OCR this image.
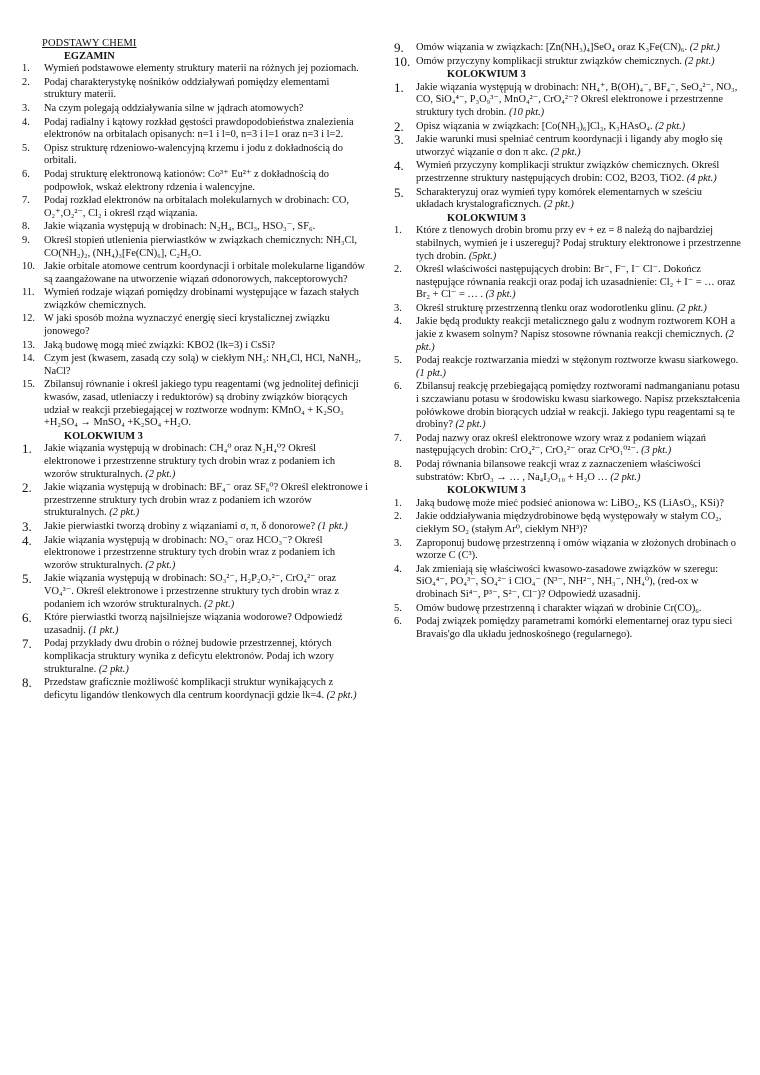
PODSTAWY CHEMI
EGZAMIN
1.	Wymień podstawowe elementy struktury materii na różnych jej poziomach.
2.	Podaj charakterystykę nośników oddziaływań pomiędzy elementami struktury materii.
3.	Na czym polegają oddziaływania silne w jądrach atomowych?
4.	Podaj radialny i kątowy rozkład gęstości prawdopodobieństwa znalezienia elektronów na orbitalach opisanych: n=1 i l=0, n=3 i l=1 oraz n=3 i l=2.
5.	Opisz strukturę rdzeniowo-walencyjną krzemu i jodu z dokładnością do orbitali.
6.	Podaj strukturę elektronową kationów: Co³⁺ Eu²⁺ z dokładnością do podpowłok, wskaż elektrony rdzenia i walencyjne.
7.	Podaj rozkład elektronów na orbitalach molekularnych w drobinach: CO, O₂⁺,O₂²⁻, Cl₂ i określ rząd wiązania.
8.	Jakie wiązania występują w drobinach: N₂H₄, BCl₃, HSO₃⁻, SF₆.
9.	Określ stopień utlenienia pierwiastków w związkach chemicznych: NH₃Cl, CO(NH₂)₂, (NH₄)₃[Fe(CN)₆], C₂H₅O.
10. Jakie orbitale atomowe centrum koordynacji i orbitale molekularne ligandów są zaangażowane na utworzenie wiązań σdonorowych, πakceptorowych?
11. Wymień rodzaje wiązań pomiędzy drobinami występujące w fazach stałych związków chemicznych.
12. W jaki sposób można wyznaczyć energię sieci krystalicznej związku jonowego?
13. Jaką budowę mogą mieć związki: KBO2 (lk=3) i CsSi?
14. Czym jest (kwasem, zasadą czy solą) w ciekłym NH₃: NH₄Cl, HCl, NaNH₂, NaCl?
15. Zbilansuj równanie i określ jakiego typu reagentami (wg jednolitej definicji kwasów, zasad, utleniaczy i reduktorów) są drobiny związków biorących udział w reakcji przebiegającej w roztworze wodnym: KMnO₄ + K₂SO₃ +H₂SO₄ → MnSO₄ +K₂SO₄ +H₂O.
KOLOKWIUM 3
1.	Jakie wiązania występują w drobinach: CH₄⁰ oraz N₂H₄⁰? Określ elektronowe i przestrzenne struktury tych drobin wraz z podaniem ich wzorów strukturalnych. (2 pkt.)
2.	Jakie wiązania występują w drobinach: BF₄⁻ oraz SF₆⁰? Określ elektronowe i przestrzenne struktury tych drobin wraz z podaniem ich wzorów strukturalnych. (2 pkt.)
3.	Jakie pierwiastki tworzą drobiny z wiązaniami σ, π, δ donorowe? (1 pkt.)
4.	Jakie wiązania występują w drobinach: NO₃⁻ oraz HCO₃⁻? Określ elektronowe i przestrzenne struktury tych drobin wraz z podaniem ich wzorów strukturalnych. (2 pkt.)
5.	Jakie wiązania występują w drobinach: SO₃²⁻, H₂P₂O₇²⁻, CrO₄²⁻ oraz VO₄³⁻. Określ elektronowe i przestrzenne struktury tych drobin wraz z podaniem ich wzorów strukturalnych. (2 pkt.)
6.	Które pierwiastki tworzą najsilniejsze wiązania wodorowe? Odpowiedź uzasadnij. (1 pkt.)
7.	Podaj przykłady dwu drobin o różnej budowie przestrzennej, których komplikacja struktury wynika z deficytu elektronów. Podaj ich wzory strukturalne. (2 pkt.)
8.	Przedstaw graficznie możliwość komplikacji struktur wynikających z deficytu ligandów tlenkowych dla centrum koordynacji gdzie lk=4. (2 pkt.)
9.	Omów wiązania w związkach: [Zn(NH₃)₄]SeO₄ oraz K₃Fe(CN)₆. (2 pkt.)
10. Omów przyczyny komplikacji struktur związków chemicznych. (2 pkt.)
KOLOKWIUM 3
1.	Jakie wiązania występują w drobinach: NH₄⁺, B(OH)₄⁻, BF₄⁻, SeO₄²⁻, NO₃, CO, SiO₄⁴⁻, P₃O₉³⁻, MnO₄²⁻, CrO₄²⁻? Określ elektronowe i przestrzenne struktury tych drobin. (10 pkt.)
2.	Opisz wiązania w związkach: [Co(NH₃)₆]Cl₃, K₃HAsO₄. (2 pkt.)
3.	Jakie warunki musi spełniać centrum koordynacji i ligandy aby mogło się utworzyć wiązanie σ don π akc. (2 pkt.)
4.	Wymień przyczyny komplikacji struktur związków chemicznych. Określ przestrzenne struktury następujących drobin: CO2, B2O3, TiO2. (4 pkt.)
5.	Scharakteryzuj oraz wymień typy komórek elementarnych w sześciu układach krystalograficznych. (2 pkt.)
KOLOKWIUM 3
1.	Które z tlenowych drobin bromu przy ev + ez = 8 należą do najbardziej stabilnych, wymień je i uszereguj? Podaj struktury elektronowe i przestrzenne tych drobin. (5pkt.)
2.	Określ właściwości następujących drobin: Br⁻, F⁻, I⁻ Cl⁻. Dokończ następujące równania reakcji oraz podaj ich uzasadnienie: Cl₂ + I⁻ = … oraz Br₂ + Cl⁻ = … . (3 pkt.)
3.	Określ strukturę przestrzenną tlenku oraz wodorotlenku glinu. (2 pkt.)
4.	Jakie będą produkty reakcji metalicznego galu z wodnym roztworem KOH a jakie z kwasem solnym? Napisz stosowne równania reakcji chemicznych. (2 pkt.)
5.	Podaj reakcje roztwarzania miedzi w stężonym roztworze kwasu siarkowego. (1 pkt.)
6.	Zbilansuj reakcję przebiegającą pomiędzy roztworami nadmanganianu potasu i szczawianu potasu w środowisku kwasu siarkowego. Napisz przekształcenia połówkowe drobin biorących udział w reakcji. Jakiego typu reagentami są te drobiny? (2 pkt.)
7.	Podaj nazwy oraz określ elektronowe wzory wraz z podaniem wiązań następujących drobin: CrO₄²⁻, CrO₃²⁻ oraz Cr³O₁⁰²⁻. (3 pkt.)
8.	Podaj równania bilansowe reakcji wraz z zaznaczeniem właściwości substratów: KbrO₃ → … , Na₄I₂O₁₀ + H₂O … (2 pkt.)
KOLOKWIUM 3
1.	Jaką budowę może mieć podsieć anionowa w: LiBO₂, KS (LiAsO₃, KSi)?
2.	Jakie oddziaływania międzydrobinowe będą występowały w stałym CO₂, ciekłym SO₂ (stałym Ar⁰, ciekłym NH³)?
3.	Zaproponuj budowę przestrzenną i omów wiązania w złożonych drobinach o wzorze C (C³).
4.	Jak zmieniają się właściwości kwasowo-zasadowe związków w szeregu: SiO₄⁴⁻, PO₄³⁻, SO₄²⁻ i ClO₄⁻ (N³⁻, NH²⁻, NH₃⁻, NH₄⁰), (red-ox w drobinach Si⁴⁻, P³⁻, S²⁻, Cl⁻)? Odpowiedź uzasadnij.
5.	Omów budowę przestrzenną i charakter wiązań w drobinie Cr(CO)₆.
6.	Podaj związek pomiędzy parametrami komórki elementarnej oraz typu sieci Bravais'go dla układu jednoskośnego (regularnego).
